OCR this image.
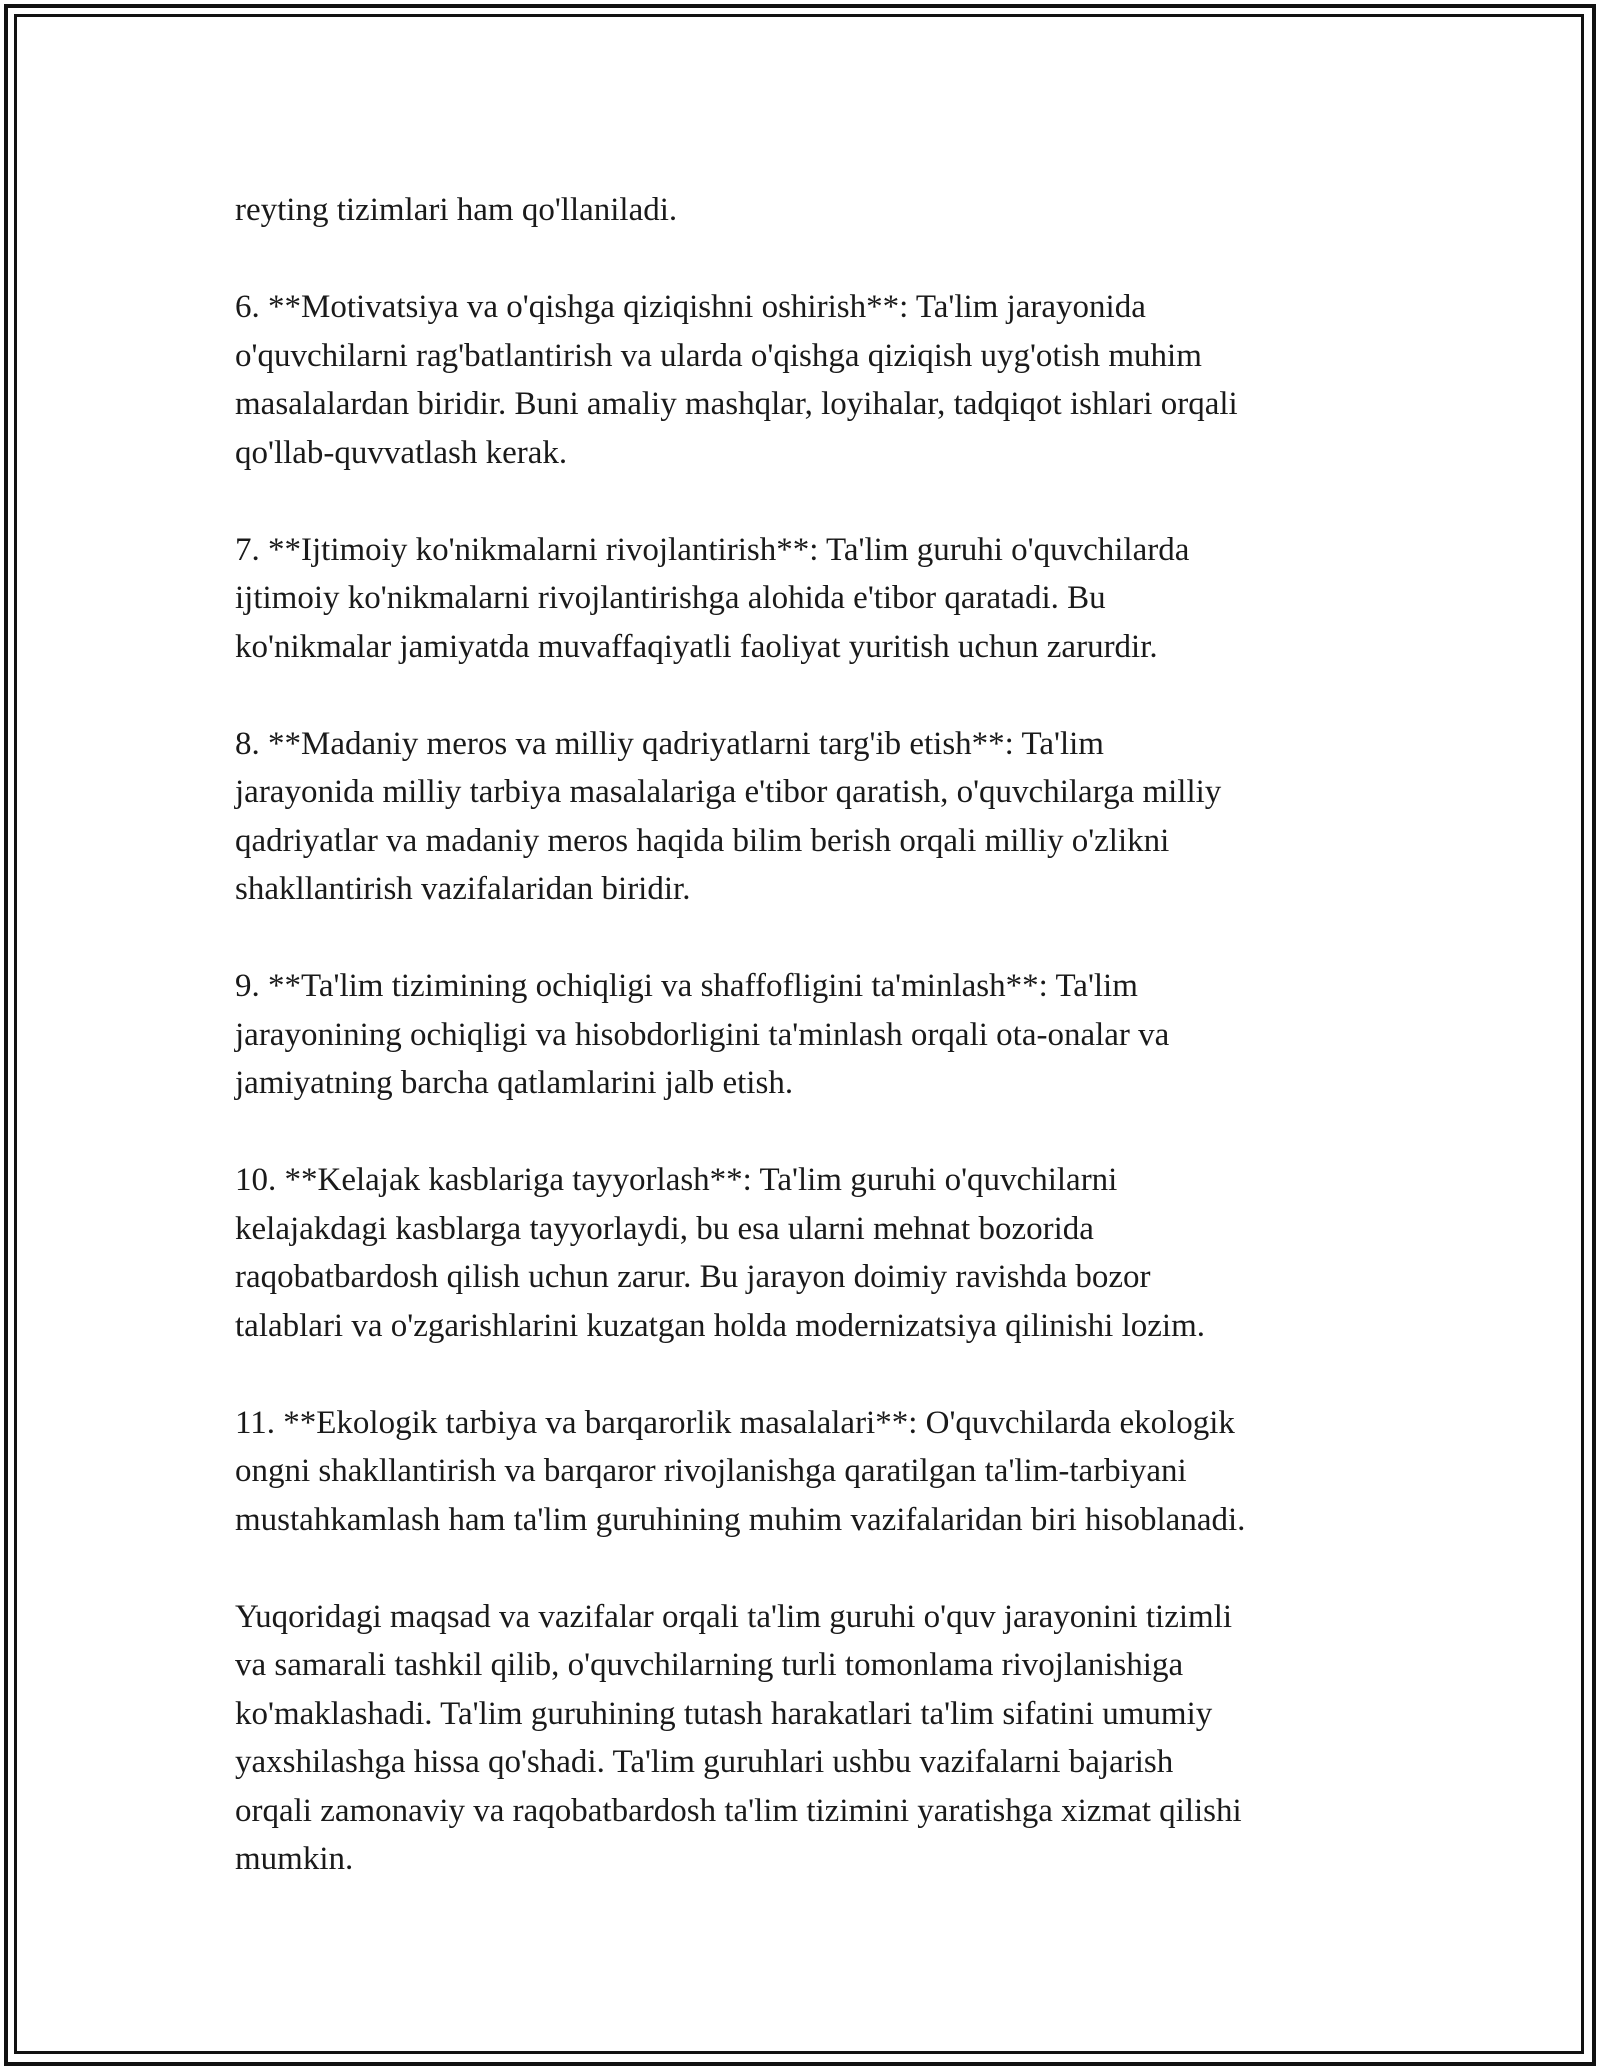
reyting tizimlari ham qo'llaniladi.

6. **Motivatsiya va o'qishga qiziqishni oshirish**: Ta'lim jarayonida
o'quvchilarni rag'batlantirish va ularda o'qishga qiziqish uyg'otish muhim
masalalardan biridir. Buni amaliy mashqlar, loyihalar, tadqiqot ishlari orqali
qo'llab-quvvatlash kerak.

7. **Ijtimoiy ko'nikmalarni rivojlantirish**: Ta'lim guruhi o'quvchilarda
ijtimoiy ko'nikmalarni rivojlantirishga alohida e'tibor qaratadi. Bu
ko'nikmalar jamiyatda muvaffaqiyatli faoliyat yuritish uchun zarurdir.

8. **Madaniy meros va milliy qadriyatlarni targ'ib etish**: Ta'lim
jarayonida milliy tarbiya masalalariga e'tibor qaratish, o'quvchilarga milliy
qadriyatlar va madaniy meros haqida bilim berish orqali milliy o'zlikni
shakllantirish vazifalaridan biridir.

9. **Ta'lim tizimining ochiqligi va shaffofligini ta'minlash**: Ta'lim
jarayonining ochiqligi va hisobdorligini ta'minlash orqali ota-onalar va
jamiyatning barcha qatlamlarini jalb etish.

10. **Kelajak kasblariga tayyorlash**: Ta'lim guruhi o'quvchilarni
kelajakdagi kasblarga tayyorlaydi, bu esa ularni mehnat bozorida
raqobatbardosh qilish uchun zarur. Bu jarayon doimiy ravishda bozor
talablari va o'zgarishlarini kuzatgan holda modernizatsiya qilinishi lozim.

11. **Ekologik tarbiya va barqarorlik masalalari**: O'quvchilarda ekologik
ongni shakllantirish va barqaror rivojlanishga qaratilgan ta'lim-tarbiyani
mustahkamlash ham ta'lim guruhining muhim vazifalaridan biri hisoblanadi.

Yuqoridagi maqsad va vazifalar orqali ta'lim guruhi o'quv jarayonini tizimli
va samarali tashkil qilib, o'quvchilarning turli tomonlama rivojlanishiga
ko'maklashadi. Ta'lim guruhining tutash harakatlari ta'lim sifatini umumiy
yaxshilashga hissa qo'shadi. Ta'lim guruhlari ushbu vazifalarni bajarish
orqali zamonaviy va raqobatbardosh ta'lim tizimini yaratishga xizmat qilishi
mumkin.
